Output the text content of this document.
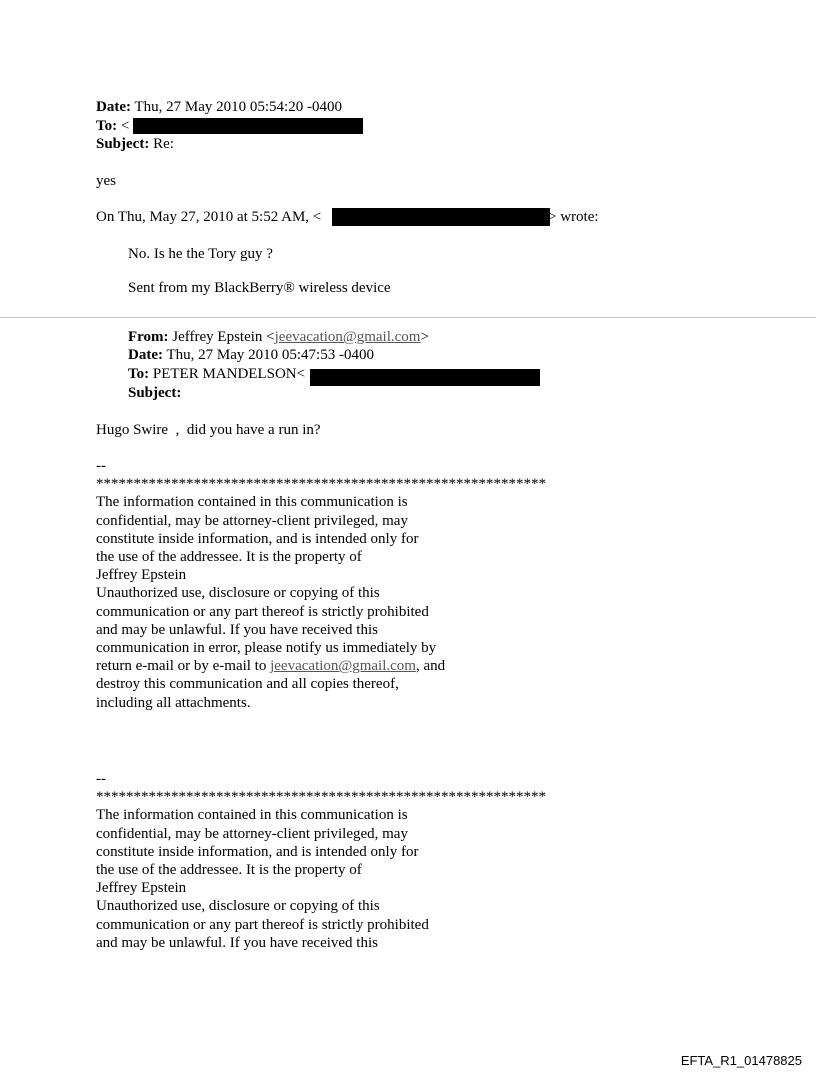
Date: Thu, 27 May 2010 05:54:20 -0400
To: <
Subject: Re:
yes
On Thu, May 27, 2010 at 5:52 AM, <	> wrote:
No. Is he the Tory guy ?
Sent from my BlackBerry® wireless device
From: Jeffrey Epstein <jeevacation@gmail.com>
Date: Thu, 27 May 2010 05:47:53 -0400
To: PETER MANDELSON<
Subject:
Hugo Swire  ,  did you have a run in?
--
************************************************************
The information contained in this communication is
confidential, may be attorney-client privileged, may
constitute inside information, and is intended only for
the use of the addressee. It is the property of
Jeffrey Epstein
Unauthorized use, disclosure or copying of this
communication or any part thereof is strictly prohibited
and may be unlawful. If you have received this
communication in error, please notify us immediately by
return e-mail or by e-mail to jeevacation@gmail.com, and
destroy this communication and all copies thereof,
including all attachments.
--
************************************************************
The information contained in this communication is
confidential, may be attorney-client privileged, may
constitute inside information, and is intended only for
the use of the addressee. It is the property of
Jeffrey Epstein
Unauthorized use, disclosure or copying of this
communication or any part thereof is strictly prohibited
and may be unlawful. If you have received this
EFTA_R1_01478825
